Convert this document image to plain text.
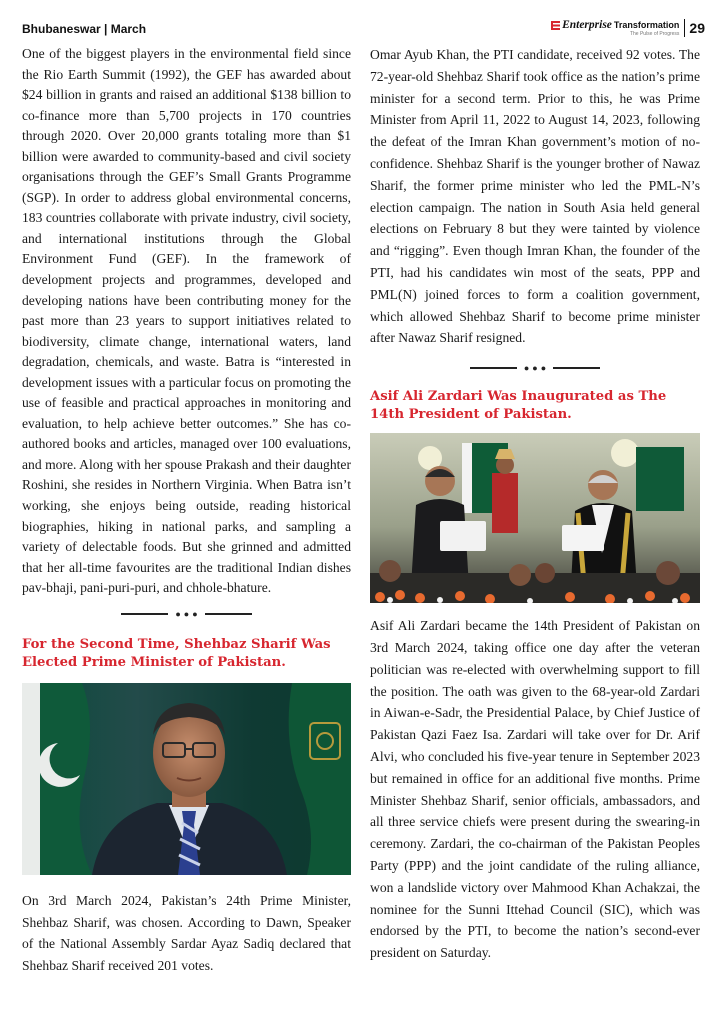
Bhubaneswar | March	Enterprise Transformation
The Pulse of Progress 29

One of the biggest players in the environmental field since the Rio Earth Summit (1992), the GEF has awarded about $24 billion in grants and raised an additional $138 billion to co-finance more than 5,700 projects in 170 countries through 2020. Over 20,000 grants totaling more than $1 billion were awarded to community-based and civil society organisations through the GEF’s Small Grants Programme (SGP). In order to address global environmental concerns, 183 countries collaborate with private industry, civil society, and international institutions through the Global Environment Fund (GEF). In the framework of development projects and programmes, developed and developing nations have been contributing money for the past more than 23 years to support initiatives related to biodiversity, climate change, international waters, land degradation, chemicals, and waste. Batra is “interested in development issues with a particular focus on promoting the use of feasible and practical approaches in monitoring and evaluation, to help achieve better outcomes.” She has co-authored books and articles, managed over 100 evaluations, and more. Along with her spouse Prakash and their daughter Roshini, she resides in Northern Virginia. When Batra isn’t working, she enjoys being outside, reading historical biographies, hiking in national parks, and sampling a variety of delectable foods. But she grinned and admitted that her all-time favourites are the traditional Indian dishes pav-bhaji, pani-puri-puri, and chhole-bhature.

●●●
For the Second Time, Shehbaz Sharif Was Elected Prime Minister of Pakistan.

On 3rd March 2024, Pakistan’s 24th Prime Minister, Shehbaz Sharif, was chosen. According to Dawn, Speaker of the National Assembly Sardar Ayaz Sadiq declared that Shehbaz Sharif received 201 votes.

Omar Ayub Khan, the PTI candidate, received 92 votes. The 72-year-old Shehbaz Sharif took office as the nation’s prime minister for a second term. Prior to this, he was Prime Minister from April 11, 2022 to August 14, 2023, following the defeat of the Imran Khan government’s motion of no-confidence. Shehbaz Sharif is the younger brother of Nawaz Sharif, the former prime minister who led the PML-N’s election campaign. The nation in South Asia held general elections on February 8 but they were tainted by violence and “rigging”. Even though Imran Khan, the founder of the PTI, had his candidates win most of the seats, PPP and PML(N) joined forces to form a coalition government, which allowed Shehbaz Sharif to become prime minister after Nawaz Sharif resigned.

●●●
Asif Ali Zardari Was Inaugurated as The 14th President of Pakistan.

Asif Ali Zardari became the 14th President of Pakistan on 3rd March 2024, taking office one day after the veteran politician was re-elected with overwhelming support to fill the position. The oath was given to the 68-year-old Zardari in Aiwan-e-Sadr, the Presidential Palace, by Chief Justice of Pakistan Qazi Faez Isa. Zardari will take over for Dr. Arif Alvi, who concluded his five-year tenure in September 2023 but remained in office for an additional five months. Prime Minister Shehbaz Sharif, senior officials, ambassadors, and all three service chiefs were present during the swearing-in ceremony. Zardari, the co-chairman of the Pakistan Peoples Party (PPP) and the joint candidate of the ruling alliance, won a landslide victory over Mahmood Khan Achakzai, the nominee for the Sunni Ittehad Council (SIC), which was endorsed by the PTI, to become the nation’s second-ever president on Saturday.
